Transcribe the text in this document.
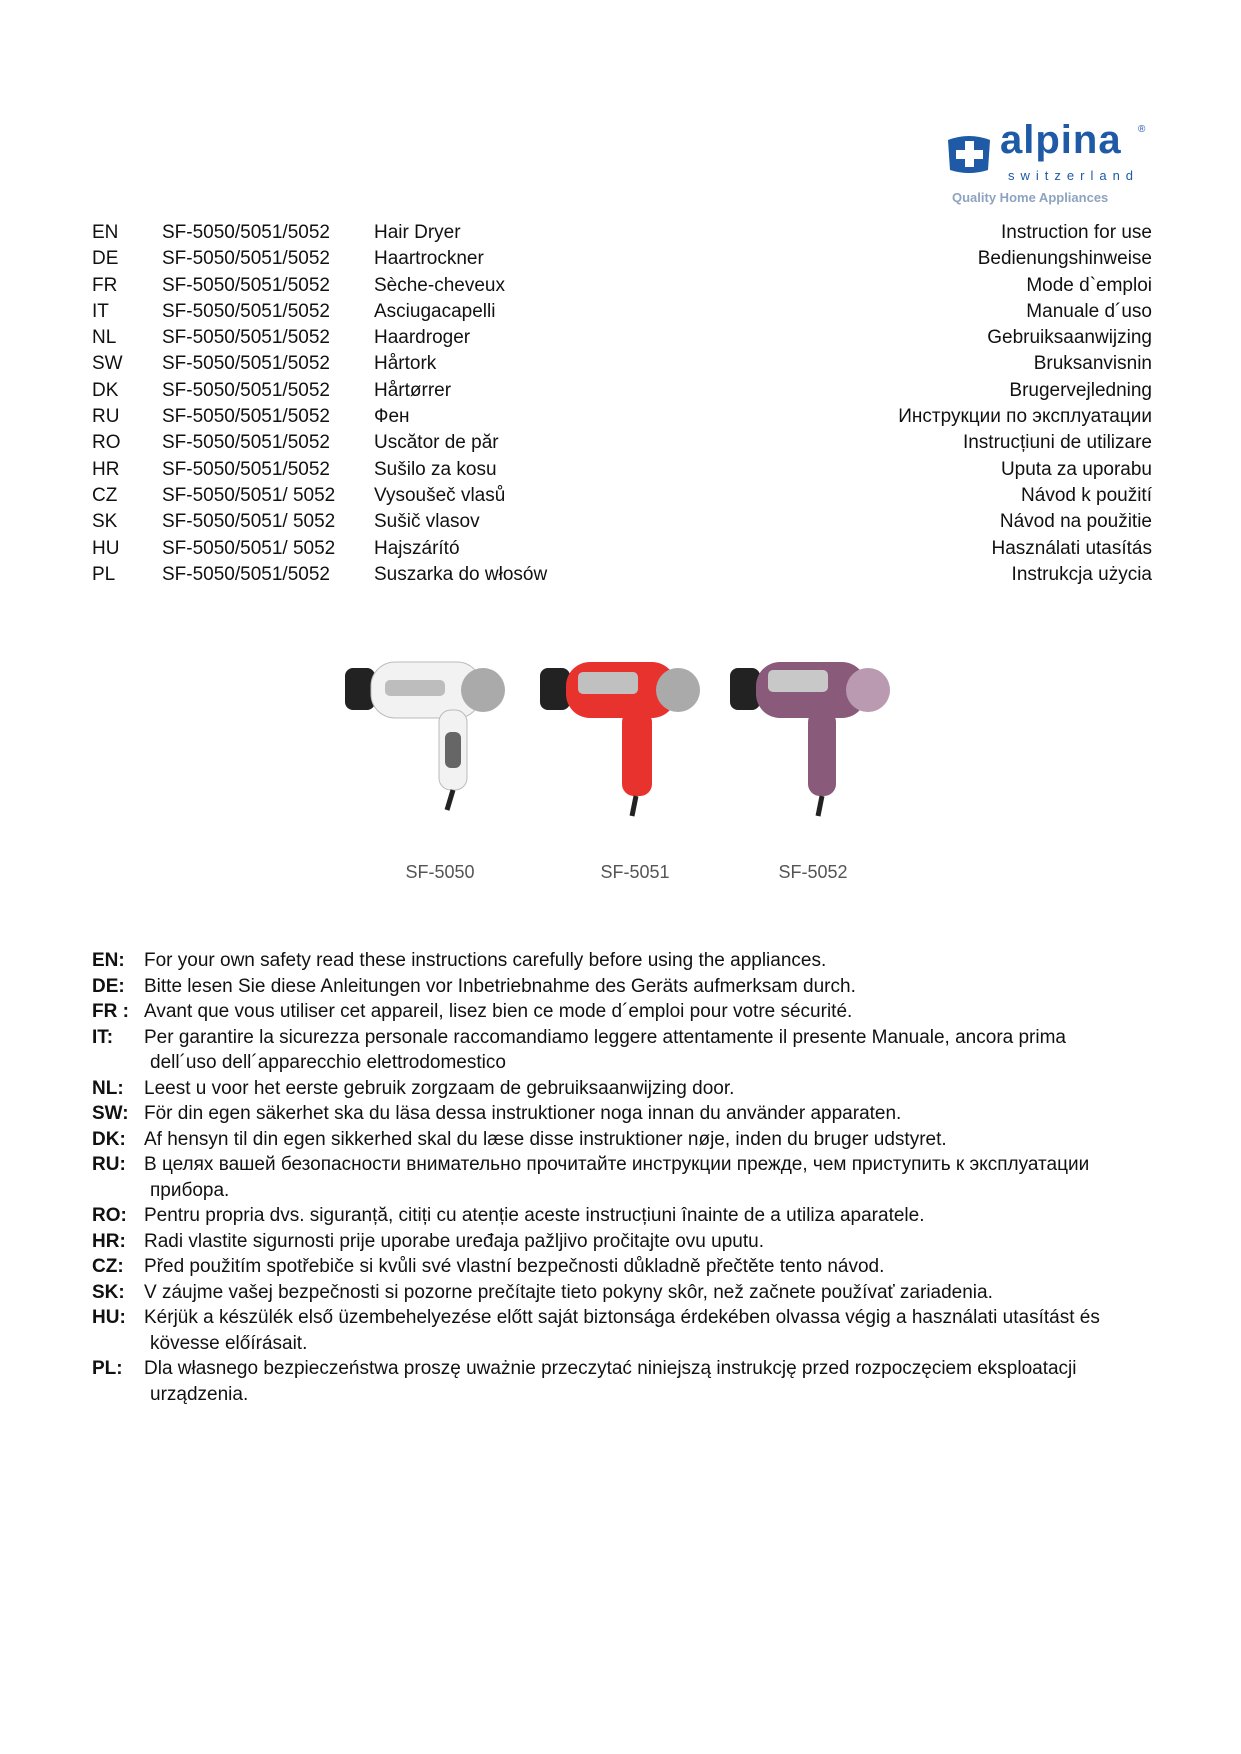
alpina ®
switzerland
Quality Home Appliances
EN SF-5050/5051/5052 Hair Dryer	Instruction for use
DE SF-5050/5051/5052 Haartrockner	Bedienungshinweise
FR SF-5050/5051/5052 Sèche-cheveux	Mode d`emploi
IT	SF-5050/5051/5052 Asciugacapelli	Manuale d´uso
NL SF-5050/5051/5052 Haardroger	Gebruiksaanwijzing
SW SF-5050/5051/5052 Hårtork	Bruksanvisnin
DK SF-5050/5051/5052 Hårtørrer	Brugervejledning
RU SF-5050/5051/5052 Фен	Инструкции по эксплуатации
RO SF-5050/5051/5052 Uscător de păr	Instrucțiuni de utilizare
HR SF-5050/5051/5052 Sušilo za kosu	Uputa za uporabu
CZ SF-5050/5051/ 5052 Vysoušeč vlasů	Návod k použití
SK SF-5050/5051/ 5052 Sušič vlasov	Návod na použitie
HU SF-5050/5051/ 5052 Hajszárító	Használati utasítás
PL SF-5050/5051/5052 Suszarka do włosów	Instrukcja użycia
SF-5050	SF-5051	SF-5052
EN: For your own safety read these instructions carefully before using the appliances.
DE: Bitte lesen Sie diese Anleitungen vor Inbetriebnahme des Geräts aufmerksam durch.
FR : Avant que vous utiliser cet appareil, lisez bien ce mode d´emploi pour votre sécurité.
IT: Per garantire la sicurezza personale raccomandiamo leggere attentamente il presente Manuale, ancora prima
dell´uso dell´apparecchio elettrodomestico
NL: Leest u voor het eerste gebruik zorgzaam de gebruiksaanwijzing door.
SW: För din egen säkerhet ska du läsa dessa instruktioner noga innan du använder apparaten.
DK: Af hensyn til din egen sikkerhed skal du læse disse instruktioner nøje, inden du bruger udstyret.
RU: В целях вашей безопасности внимательно прочитайте инструкции прежде, чем приступить к эксплуатации
прибора.
RO: Pentru propria dvs. siguranță, citiți cu atenție aceste instrucțiuni înainte de a utiliza aparatele.
HR: Radi vlastite sigurnosti prije uporabe uređaja pažljivo pročitajte ovu uputu.
CZ: Před použitím spotřebiče si kvůli své vlastní bezpečnosti důkladně přečtěte tento návod.
SK: V záujme vašej bezpečnosti si pozorne prečítajte tieto pokyny skôr, než začnete používať zariadenia.
HU: Kérjük a készülék első üzembehelyezése előtt saját biztonsága érdekében olvassa végig a használati utasítást és
kövesse előírásait.
PL: Dla własnego bezpieczeństwa proszę uważnie przeczytać niniejszą instrukcję przed rozpoczęciem eksploatacji
urządzenia.
